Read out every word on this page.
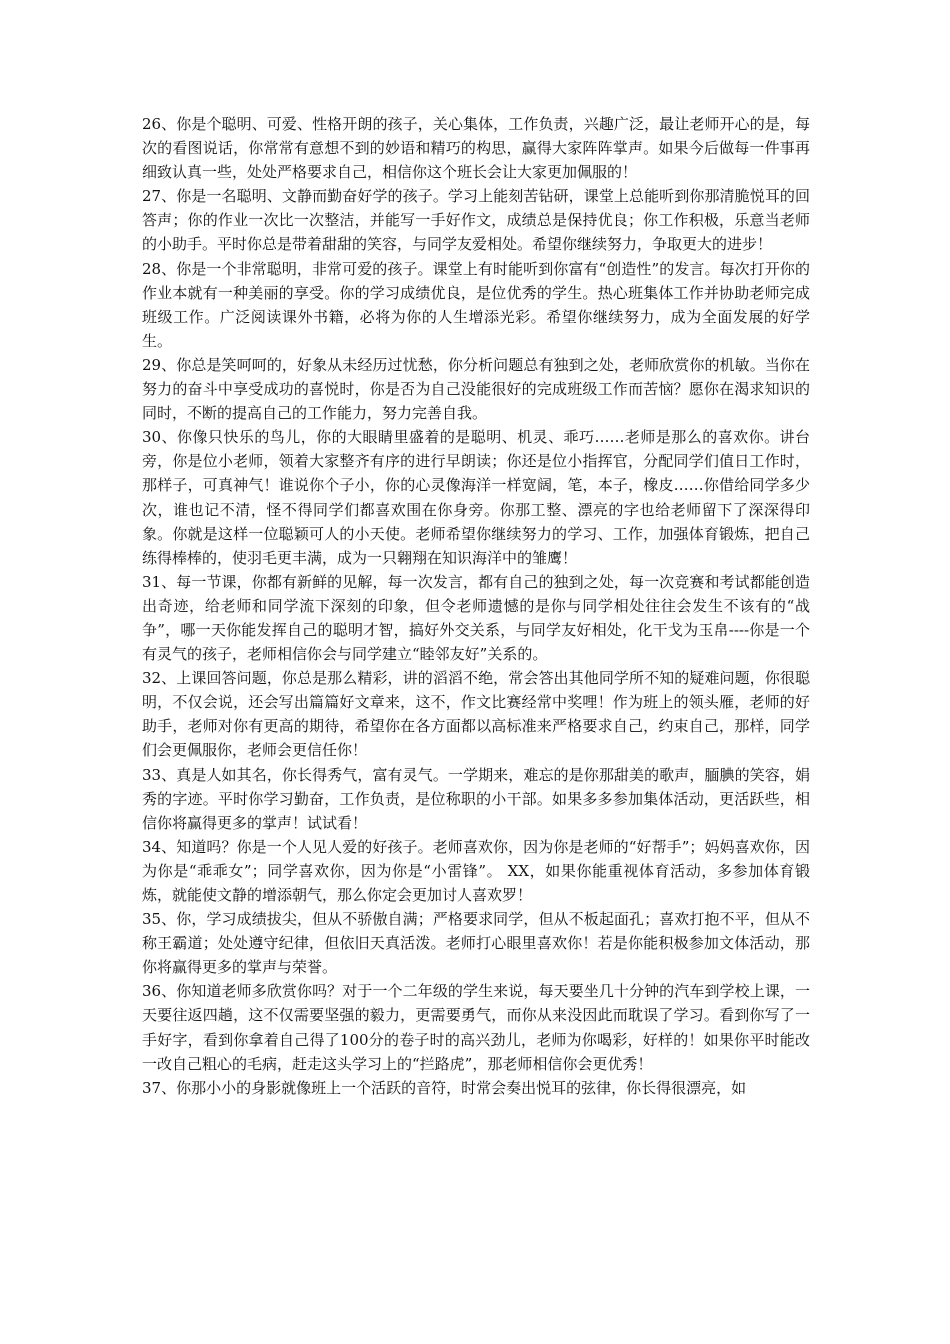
26、你是个聪明、可爱、性格开朗的孩子，关心集体，工作负责，兴趣广泛，最让老师开心的是，每次的看图说话，你常常有意想不到的妙语和精巧的构思，赢得大家阵阵掌声。如果今后做每一件事再细致认真一些，处处严格要求自己，相信你这个班长会让大家更加佩服的！

27、你是一名聪明、文静而勤奋好学的孩子。学习上能刻苦钻研，课堂上总能听到你那清脆悦耳的回答声；你的作业一次比一次整洁，并能写一手好作文，成绩总是保持优良；你工作积极，乐意当老师的小助手。平时你总是带着甜甜的笑容，与同学友爱相处。希望你继续努力，争取更大的进步！

28、你是一个非常聪明，非常可爱的孩子。课堂上有时能听到你富有“创造性”的发言。每次打开你的作业本就有一种美丽的享受。你的学习成绩优良，是位优秀的学生。热心班集体工作并协助老师完成班级工作。广泛阅读课外书籍，必将为你的人生增添光彩。希望你继续努力，成为全面发展的好学生。

29、你总是笑呵呵的，好象从未经历过忧愁，你分析问题总有独到之处，老师欣赏你的机敏。当你在努力的奋斗中享受成功的喜悦时，你是否为自己没能很好的完成班级工作而苦恼？愿你在渴求知识的同时，不断的提高自己的工作能力，努力完善自我。

30、你像只快乐的鸟儿，你的大眼睛里盛着的是聪明、机灵、乖巧……老师是那么的喜欢你。讲台旁，你是位小老师，领着大家整齐有序的进行早朗读；你还是位小指挥官，分配同学们值日工作时，那样子，可真神气！谁说你个子小，你的心灵像海洋一样宽阔，笔，本子，橡皮……你借给同学多少次，谁也记不清，怪不得同学们都喜欢围在你身旁。你那工整、漂亮的字也给老师留下了深深得印象。你就是这样一位聪颖可人的小天使。老师希望你继续努力的学习、工作，加强体育锻炼，把自己练得棒棒的，使羽毛更丰满，成为一只翱翔在知识海洋中的雏鹰！

31、每一节课，你都有新鲜的见解，每一次发言，都有自己的独到之处，每一次竞赛和考试都能创造出奇迹，给老师和同学流下深刻的印象，但令老师遗憾的是你与同学相处往往会发生不该有的“战争”，哪一天你能发挥自己的聪明才智，搞好外交关系，与同学友好相处，化干戈为玉帛----你是一个有灵气的孩子，老师相信你会与同学建立“睦邻友好”关系的。

32、上课回答问题，你总是那么精彩，讲的滔滔不绝，常会答出其他同学所不知的疑难问题，你很聪明，不仅会说，还会写出篇篇好文章来，这不，作文比赛经常中奖哩！作为班上的领头雁，老师的好助手，老师对你有更高的期待，希望你在各方面都以高标准来严格要求自己，约束自己，那样，同学们会更佩服你，老师会更信任你！

33、真是人如其名，你长得秀气，富有灵气。一学期来，难忘的是你那甜美的歌声，腼腆的笑容，娟秀的字迹。平时你学习勤奋，工作负责，是位称职的小干部。如果多多参加集体活动，更活跃些，相信你将赢得更多的掌声！试试看！

34、知道吗？你是一个人见人爱的好孩子。老师喜欢你，因为你是老师的“好帮手”；妈妈喜欢你，因为你是“乖乖女”；同学喜欢你，因为你是“小雷锋”。 XX，如果你能重视体育活动，多参加体育锻炼，就能使文静的增添朝气，那么你定会更加讨人喜欢罗！

35、你，学习成绩拔尖，但从不骄傲自满；严格要求同学，但从不板起面孔；喜欢打抱不平，但从不称王霸道；处处遵守纪律，但依旧天真活泼。老师打心眼里喜欢你！若是你能积极参加文体活动，那你将赢得更多的掌声与荣誉。

36、你知道老师多欣赏你吗？对于一个二年级的学生来说，每天要坐几十分钟的汽车到学校上课，一天要往返四趟，这不仅需要坚强的毅力，更需要勇气，而你从来没因此而耽误了学习。看到你写了一手好字，看到你拿着自己得了100分的卷子时的高兴劲儿，老师为你喝彩，好样的！如果你平时能改一改自己粗心的毛病，赶走这头学习上的“拦路虎”，那老师相信你会更优秀！

37、你那小小的身影就像班上一个活跃的音符，时常会奏出悦耳的弦律，你长得很漂亮，如
